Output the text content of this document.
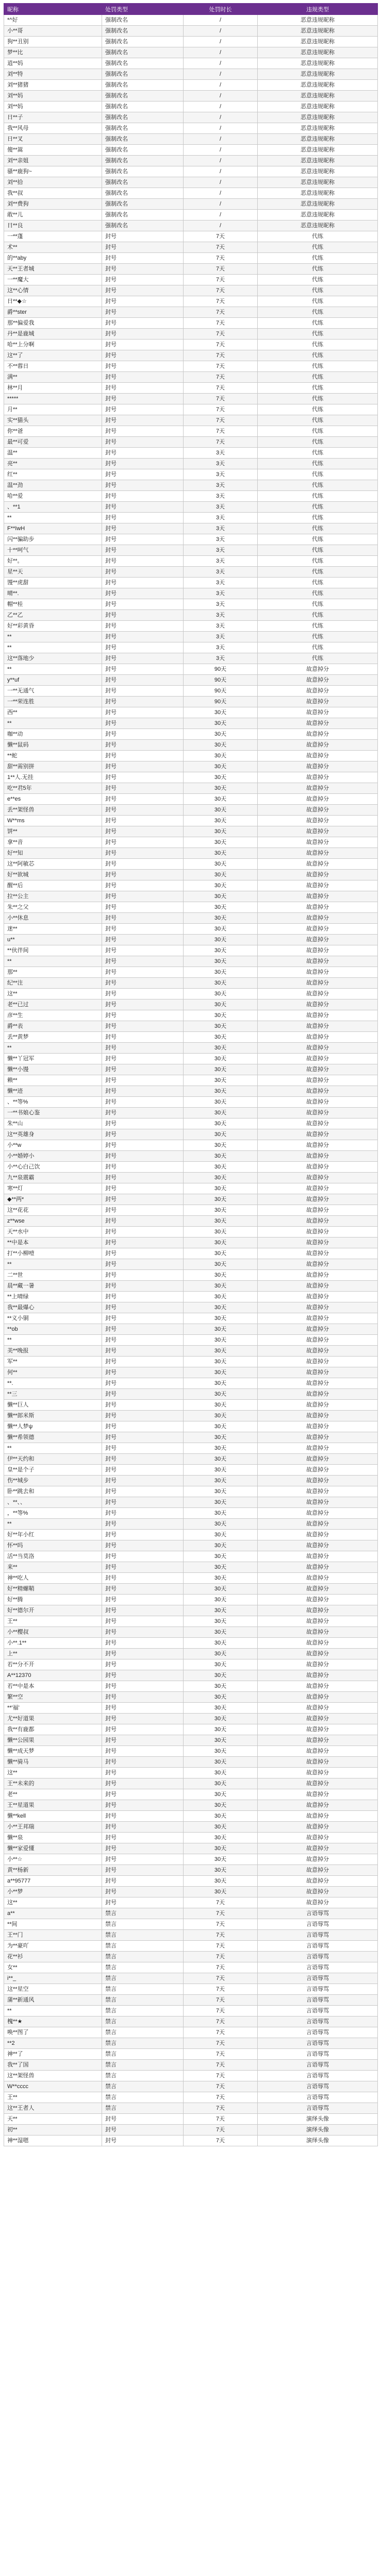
昵称	处罚类型	处罚时长	违规类型
*^好	强制改名	/	恶意违规昵称
小**哥	强制改名	/	恶意违规昵称
狗**丑别	强制改名	/	恶意违规昵称
梦**比	强制改名	/	恶意违规昵称
逍**妈	强制改名	/	恶意违规昵称
刘**特	强制改名	/	恶意违规昵称
刘**猪猪	强制改名	/	恶意违规昵称
刘**妈	强制改名	/	恶意违规昵称
刘**妈	强制改名	/	恶意违规昵称
日**子	强制改名	/	恶意违规昵称
我**风母	强制改名	/	恶意违规昵称
日**叉	强制改名	/	恶意违规昵称
傻**嵩	强制改名	/	恶意违规昵称
刘**亲姐	强制改名	/	恶意违规昵称
骚**鹿狗~	强制改名	/	恶意违规昵称
刘**拾	强制改名	/	恶意违规昵称
我**叔	强制改名	/	恶意违规昵称
刘**费狗	强制改名	/	恶意违规昵称
敢**儿	强制改名	/	恶意违规昵称
日**良	强制改名	/	恶意违规昵称
一**蓬	封号	7天	代练
术**	封号	7天	代练
的**aby	封号	7天	代练
天**王者城	封号	7天	代练
一**魔大	封号	7天	代练
这**心情	封号	7天	代练
日**◆☆	封号	7天	代练
爵**ster	封号	7天	代练
那**偏爱我	封号	7天	代练
丹**是鹿城	封号	7天	代练
哈**上分啊	封号	7天	代练
这**了	封号	7天	代练
不**蓉日	封号	7天	代练
满**	封号	7天	代练
林**月	封号	7天	代练
*****	封号	7天	代练
月**	封号	7天	代练
实**猫头	封号	7天	代练
你**爸	封号	7天	代练
最**可爱	封号	7天	代练
温**	封号	3天	代练
亮**	封号	3天	代练
红**	封号	3天	代练
温**劲	封号	3天	代练
哈**爱	封号	3天	代练
、**1	封号	3天	代练
**	封号	3天	代练
F**IwH	封号	3天	代练
闪**骗助步	封号	3天	代练
十**呵气	封号	3天	代练
好**。	封号	3天	代练
星**天	封号	3天	代练
馒**虎甜	封号	3天	代练
晴**.	封号	3天	代练
帽**桂	封号	3天	代练
乙**乙	封号	3天	代练
好**彩黄昏	封号	3天	代练
**	封号	3天	代练
**	封号	3天	代练
这**落地少	封号	3天	代练
**	封号	90天	故意掉分
y**uf	封号	90天	故意掉分
一**无通气	封号	90天	故意掉分
一**荣连胜	封号	90天	故意掉分
西**	封号	30天	故意掉分
**	封号	30天	故意掉分
咖**动	封号	30天	故意掉分
懒**鼠码	封号	30天	故意掉分
**蛇	封号	30天	故意掉分
甜**需别拼	封号	30天	故意掉分
1**人.无挂	封号	30天	故意掉分
吃**君5年	封号	30天	故意掉分
e**es	封号	30天	故意掉分
丢**架怪兽	封号	30天	故意掉分
W**ms	封号	30天	故意掉分
饼**	封号	30天	故意掉分
拿**音	封号	30天	故意掉分
好**知	封号	30天	故意掉分
这**阿敏芯	封号	30天	故意掉分
好**欲城	封号	30天	故意掉分
醒**后	封号	30天	故意掉分
拉**公主	封号	30天	故意掉分
朱**之父	封号	30天	故意掉分
小**休息	封号	30天	故意掉分
迷**	封号	30天	故意掉分
u**	封号	30天	故意掉分
**伙伴间	封号	30天	故意掉分
**	封号	30天	故意掉分
那**	封号	30天	故意掉分
纪**注	封号	30天	故意掉分
这**	封号	30天	故意掉分
老**已过	封号	30天	故意掉分
彦**生	封号	30天	故意掉分
爵**表	封号	30天	故意掉分
丢**黄梦	封号	30天	故意掉分
**	封号	30天	故意掉分
懒**丫冠军	封号	30天	故意掉分
懒**小馒	封号	30天	故意掉分
赖**	封号	30天	故意掉分
懒**迹	封号	30天	故意掉分
、**等%	封号	30天	故意掉分
一**书娘心鉴	封号	30天	故意掉分
朱**山	封号	30天	故意掉分
这**英雄身	封号	30天	故意掉分
小**w	封号	30天	故意掉分
小**婚婷小	封号	30天	故意掉分
小**心白己饮	封号	30天	故意掉分
九**泉震霸	封号	30天	故意掉分
寒**灯	封号	30天	故意掉分
◆**两*	封号	30天	故意掉分
这**花花	封号	30天	故意掉分
z**wse	封号	30天	故意掉分
天**水中	封号	30天	故意掉分
**中是本	封号	30天	故意掉分
打**小柳噎	封号	30天	故意掉分
**	封号	30天	故意掉分
二**世	封号	30天	故意掉分
晨**藏一暑	封号	30天	故意掉分
**上晴绿	封号	30天	故意掉分
我**最爆心	封号	30天	故意掉分
**义小铜	封号	30天	故意掉分
**ob	封号	30天	故意掉分
**	封号	30天	故意掉分
美**晚报	封号	30天	故意掉分
军**	封号	30天	故意掉分
何**	封号	30天	故意掉分
**.	封号	30天	故意掉分
**三	封号	30天	故意掉分
懒**巨人	封号	30天	故意掉分
懒**郎米斯	封号	30天	故意掉分
懒**人梦ψ	封号	30天	故意掉分
懒**希领德	封号	30天	故意掉分
**	封号	30天	故意掉分
伊**天约和	封号	30天	故意掉分
皇**是个子	封号	30天	故意掉分
伤**城步	封号	30天	故意掉分
卧**跳去和	封号	30天	故意掉分
、**、、	封号	30天	故意掉分
，**等%	封号	30天	故意掉分
**	封号	30天	故意掉分
好**年小红	封号	30天	故意掉分
怀**吗	封号	30天	故意掉分
活**当莫洛	封号	30天	故意掉分
来**	封号	30天	故意掉分
神**吃人	封号	30天	故意掉分
好**精螺鞘	封号	30天	故意掉分
好**腾	封号	30天	故意掉分
好**德尔开	封号	30天	故意掉分
王**	封号	30天	故意掉分
小**樱叔	封号	30天	故意掉分
小**.1**	封号	30天	故意掉分
上**	封号	30天	故意掉分
若**分不开	封号	30天	故意掉分
A**12370	封号	30天	故意掉分
若**中是本	封号	30天	故意掉分
繁**空	封号	30天	故意掉分
**'福'	封号	30天	故意掉分
尤**好道果	封号	30天	故意掉分
我**有鹿都	封号	30天	故意掉分
懒**公园果	封号	30天	故意掉分
懒**成天梦	封号	30天	故意掉分
懒**骑马	封号	30天	故意掉分
这**	封号	30天	故意掉分
王**未来的	封号	30天	故意掉分
老**	封号	30天	故意掉分
王**星道果	封号	30天	故意掉分
懒**kell	封号	30天	故意掉分
小**王邦瑞	封号	30天	故意掉分
懒**泉	封号	30天	故意掉分
懒**家爱懂	封号	30天	故意掉分
小**☆	封号	30天	故意掉分
黄**杨新	封号	30天	故意掉分
a**95777	封号	30天	故意掉分
小**梦	封号	30天	故意掉分
这**	封号	7天	故意掉分
a**	禁言	7天	言语辱骂
**间	禁言	7天	言语辱骂
王**门	禁言	7天	言语辱骂
为**豪吖	禁言	7天	言语辱骂
花**衫	禁言	7天	言语辱骂
女**	禁言	7天	言语辱骂
i**_	禁言	7天	言语辱骂
这**星空	禁言	7天	言语辱骂
蒲**新通风	禁言	7天	言语辱骂
**	禁言	7天	言语辱骂
槐**★	禁言	7天	言语辱骂
唤**图了	禁言	7天	言语辱骂
**2	禁言	7天	言语辱骂
神**了	禁言	7天	言语辱骂
我**了国	禁言	7天	言语辱骂
这**架怪兽	禁言	7天	言语辱骂
W**cccc	禁言	7天	言语辱骂
王**	禁言	7天	言语辱骂
这**王者人	禁言	7天	言语辱骂
天**	封号	7天	演绎头像
初**	封号	7天	演绎头像
神**湿嗯	封号	7天	演绎头像
